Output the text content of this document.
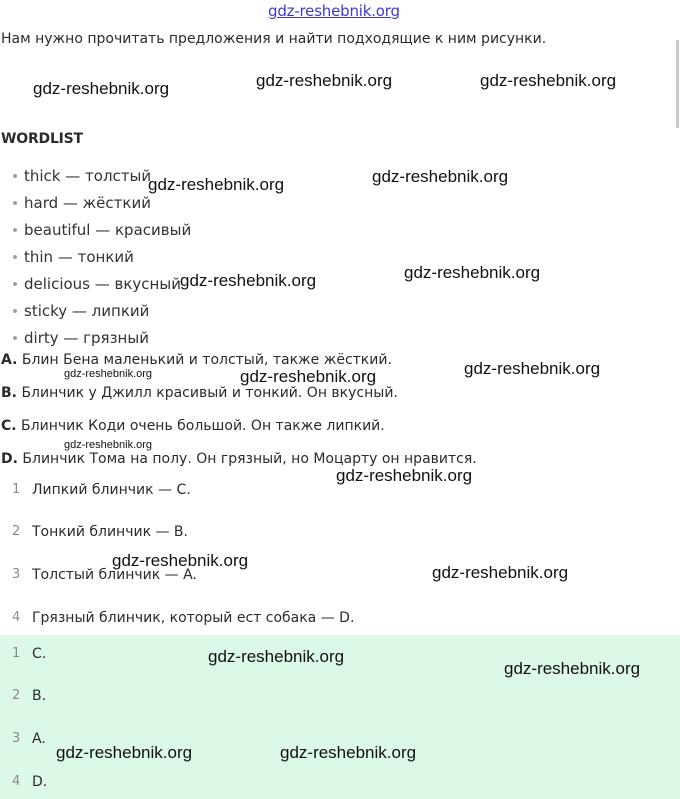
gdz-reshebnik.org
Нам нужно прочитать предложения и найти подходящие к ним рисунки.
gdz-reshebnik.org	gdz-reshebnik.org	gdz-reshebnik.org
WORDLIST
thick — толстый
hard — жёсткий
beautiful — красивый
thin — тонкий
delicious — вкусный
sticky — липкий
dirty — грязный
gdz-reshebnik.org	gdz-reshebnik.org
gdz-reshebnik.org	gdz-reshebnik.org
A. Блин Бена маленький и толстый, также жёсткий.
gdz-reshebnik.org	gdz-reshebnik.org	gdz-reshebnik.org
B. Блинчик у Джилл красивый и тонкий. Он вкусный.
C. Блинчик Коди очень большой. Он также липкий.
gdz-reshebnik.org
D. Блинчик Тома на полу. Он грязный, но Моцарту он нравится.
gdz-reshebnik.org
1 Липкий блинчик — C.
2 Тонкий блинчик — B.
gdz-reshebnik.org
3 Толстый блинчик — A.	gdz-reshebnik.org
4 Грязный блинчик, который ест собака — D.
1 C.	gdz-reshebnik.org
gdz-reshebnik.org
2 B.
3 A.
gdz-reshebnik.org	gdz-reshebnik.org
4 D.
